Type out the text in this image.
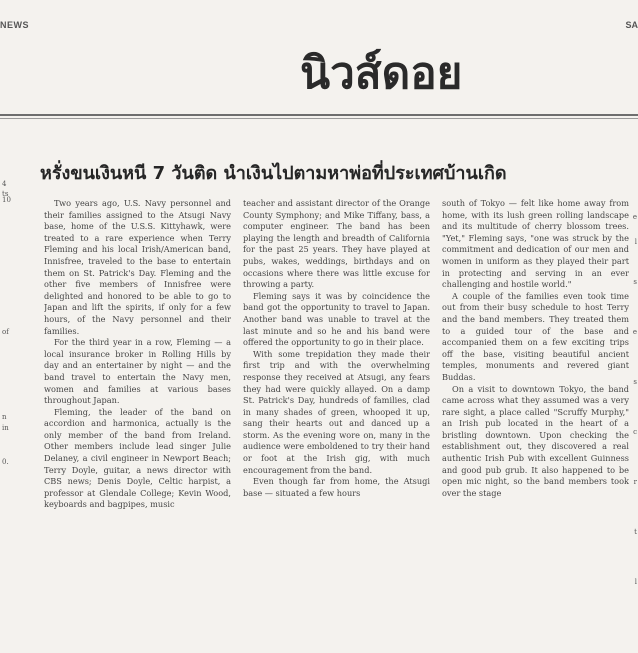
NEWS	SA
นิวส์ดอย
4
ts
10
of
n
in
0.
e
l
s
e
s
c
r
t
l
หรั่งขนเงินหนี 7 วันติด นำเงินไปตามหาพ่อที่ประเทศบ้านเกิด

Two years ago, U.S. Navy personnel and their families assigned to the Atsugi Navy base, home of the U.S.S. Kittyhawk, were treated to a rare experience when Terry Fleming and his local Irish/American band, Innisfree, traveled to the base to entertain them on St. Patrick's Day. Fleming and the other five members of Innisfree were delighted and honored to be able to go to Japan and lift the spirits, if only for a few hours, of the Navy personnel and their families.

For the third year in a row, Fleming — a local insurance broker in Rolling Hills by day and an entertainer by night — and the band travel to entertain the Navy men, women and families at various bases throughout Japan.

Fleming, the leader of the band on accordion and harmonica, actually is the only member of the band from Ireland. Other members include lead singer Julie Delaney, a civil engineer in Newport Beach; Terry Doyle, guitar, a news director with CBS news; Denis Doyle, Celtic harpist, a professor at Glendale College; Kevin Wood, keyboards and bagpipes, music

teacher and assistant director of the Orange County Symphony; and Mike Tiffany, bass, a computer engineer. The band has been playing the length and breadth of California for the past 25 years. They have played at pubs, wakes, weddings, birthdays and on occasions where there was little excuse for throwing a party.

Fleming says it was by coincidence the band got the opportunity to travel to Japan. Another band was unable to travel at the last minute and so he and his band were offered the opportunity to go in their place.

With some trepidation they made their first trip and with the overwhelming response they received at Atsugi, any fears they had were quickly allayed. On a damp St. Patrick's Day, hundreds of families, clad in many shades of green, whooped it up, sang their hearts out and danced up a storm. As the evening wore on, many in the audience were emboldened to try their hand or foot at the Irish gig, with much encouragement from the band.

Even though far from home, the Atsugi base — situated a few hours

south of Tokyo — felt like home away from home, with its lush green rolling landscape and its multitude of cherry blossom trees. "Yet," Fleming says, "one was struck by the commitment and dedication of our men and women in uniform as they played their part in protecting and serving in an ever challenging and hostile world."

A couple of the families even took time out from their busy schedule to host Terry and the band members. They treated them to a guided tour of the base and accompanied them on a few exciting trips off the base, visiting beautiful ancient temples, monuments and revered giant Buddas.

On a visit to downtown Tokyo, the band came across what they assumed was a very rare sight, a place called "Scruffy Murphy," an Irish pub located in the heart of a bristling downtown. Upon checking the establishment out, they discovered a real authentic Irish Pub with excellent Guinness and good pub grub. It also happened to be open mic night, so the band members took over the stage
